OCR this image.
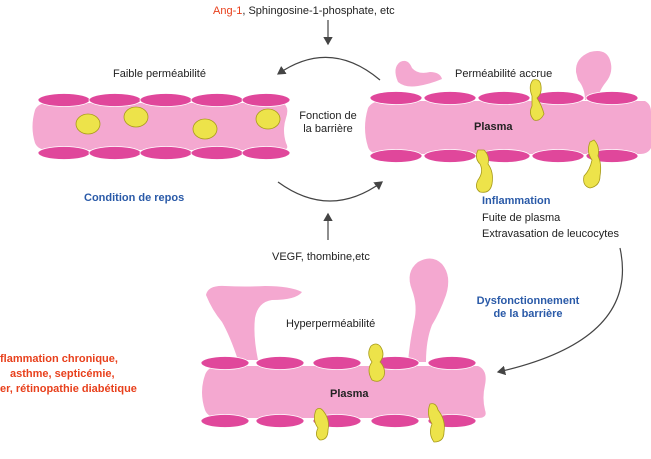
Ang-1, Sphingosine-1-phosphate, etc
Faible perméabilité
Fonction de
la barrière
Perméabilité accrue
Plasma
Condition de repos	Inflammation
Fuite de plasma
Extravasation de leucocytes
VEGF, thombine,etc
Dysfonctionnement
de la barrière
Hyperperméabilité
Plasma
flammation chronique,
asthme, septicémie,
er, rétinopathie diabétique
